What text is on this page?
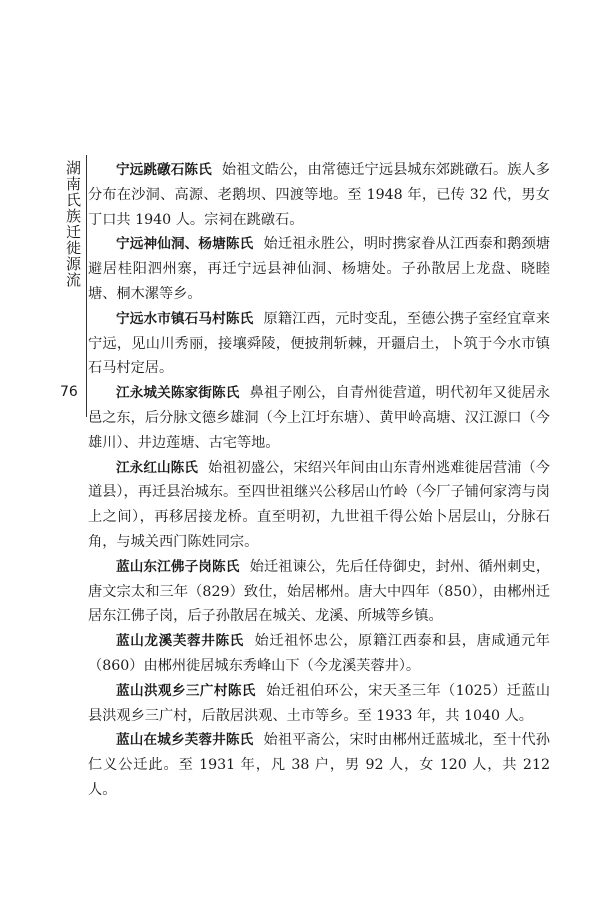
湖南氏族迁徙源流
76

宁远跳礅石陈氏 始祖文皓公，由常德迁宁远县城东郊跳礅石。族人多分布在沙洞、高源、老鹅坝、四渡等地。至 1948 年，已传 32 代，男女丁口共 1940 人。宗祠在跳礅石。

宁远神仙洞、杨塘陈氏 始迁祖永胜公，明时携家眷从江西泰和鹅颈塘避居桂阳泗州寨，再迁宁远县神仙洞、杨塘处。子孙散居上龙盘、晓睦塘、桐木漯等乡。

宁远水市镇石马村陈氏 原籍江西，元时变乱，至德公携子室经宜章来宁远，见山川秀丽，接壤舜陵，便披荆斩棘，开疆启土，卜筑于今水市镇石马村定居。

江永城关陈家街陈氏 鼻祖子刚公，自青州徙营道，明代初年又徙居永邑之东，后分脉文德乡雄洞（今上江圩东塘）、黄甲岭高塘、汉江源口（今雄川）、井边莲塘、古宅等地。

江永红山陈氏 始祖初盛公，宋绍兴年间由山东青州逃难徙居营浦（今道县），再迁县治城东。至四世祖继兴公移居山竹岭（今厂子铺何家湾与岗上之间），再移居接龙桥。直至明初，九世祖千得公始卜居层山，分脉石角，与城关西门陈姓同宗。

蓝山东江佛子岗陈氏 始迁祖谏公，先后任侍御史，封州、循州刺史，唐文宗太和三年（829）致仕，始居郴州。唐大中四年（850），由郴州迁居东江佛子岗，后子孙散居在城关、龙溪、所城等乡镇。

蓝山龙溪芙蓉井陈氏 始迁祖怀忠公，原籍江西泰和县，唐咸通元年（860）由郴州徙居城东秀峰山下（今龙溪芙蓉井）。

蓝山洪观乡三广村陈氏 始迁祖伯环公，宋天圣三年（1025）迁蓝山县洪观乡三广村，后散居洪观、土市等乡。至 1933 年，共 1040 人。

蓝山在城乡芙蓉井陈氏 始祖平斋公，宋时由郴州迁蓝城北，至十代孙仁义公迁此。至 1931 年，凡 38 户，男 92 人，女 120 人，共 212 人。
